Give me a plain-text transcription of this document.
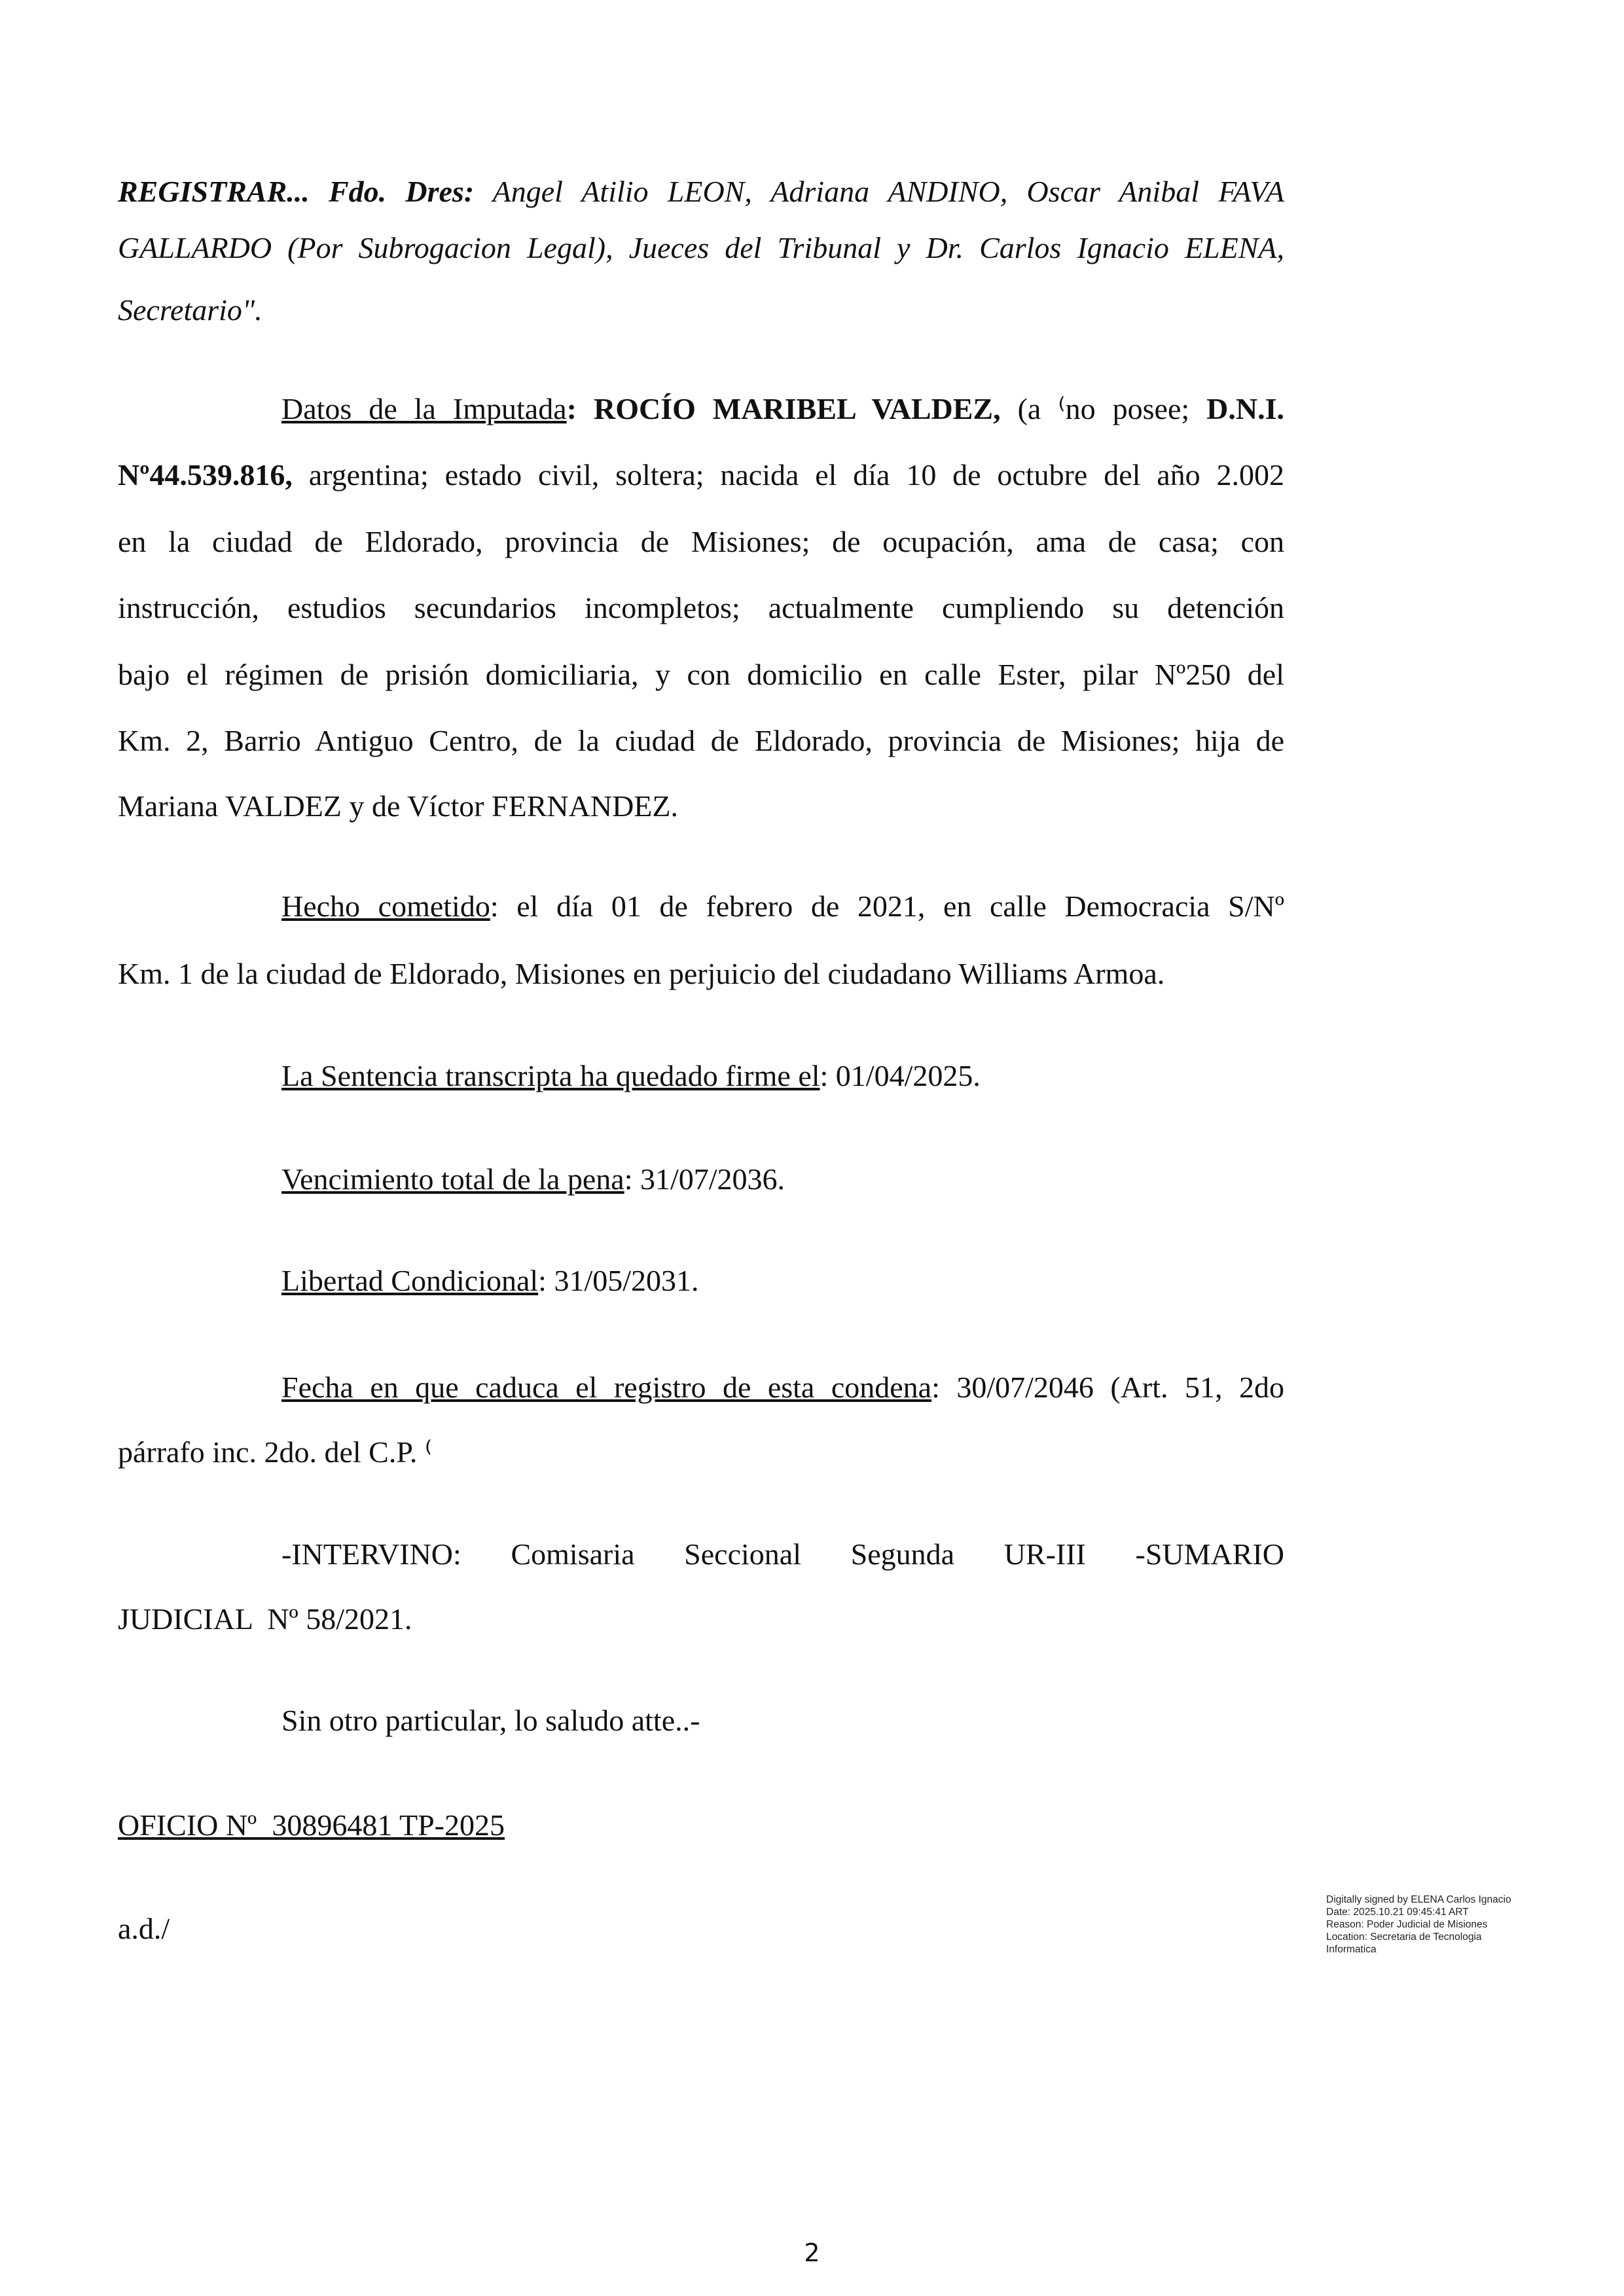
REGISTRAR... Fdo. Dres: Angel Atilio LEON, Adriana ANDINO, Oscar Anibal FAVA
GALLARDO (Por Subrogacion Legal), Jueces del Tribunal y Dr. Carlos Ignacio ELENA,
Secretario".
Datos de la Imputada: ROCÍO MARIBEL VALDEZ, (a ⁽no posee; D.N.I.
Nº44.539.816, argentina; estado civil, soltera; nacida el día 10 de octubre del año 2.002
en la ciudad de Eldorado, provincia de Misiones; de ocupación, ama de casa; con
instrucción, estudios secundarios incompletos; actualmente cumpliendo su detención
bajo el régimen de prisión domiciliaria, y con domicilio en calle Ester, pilar Nº250 del
Km. 2, Barrio Antiguo Centro, de la ciudad de Eldorado, provincia de Misiones; hija de
Mariana VALDEZ y de Víctor FERNANDEZ.
Hecho cometido: el día 01 de febrero de 2021, en calle Democracia S/Nº
Km. 1 de la ciudad de Eldorado, Misiones en perjuicio del ciudadano Williams Armoa.
La Sentencia transcripta ha quedado firme el: 01/04/2025.
Vencimiento total de la pena: 31/07/2036.
Libertad Condicional: 31/05/2031.
Fecha en que caduca el registro de esta condena: 30/07/2046 (Art. 51, 2do
párrafo inc. 2do. del C.P. ⁽
-INTERVINO: Comisaria Seccional Segunda UR-III -SUMARIO
JUDICIAL  Nº 58/2021.
Sin otro particular, lo saludo atte..-
OFICIO Nº  30896481 TP-2025
a.d./
Digitally signed by ELENA Carlos Ignacio
Date: 2025.10.21 09:45:41 ART
Reason: Poder Judicial de Misiones
Location: Secretaria de Tecnologia
Informatica
2
